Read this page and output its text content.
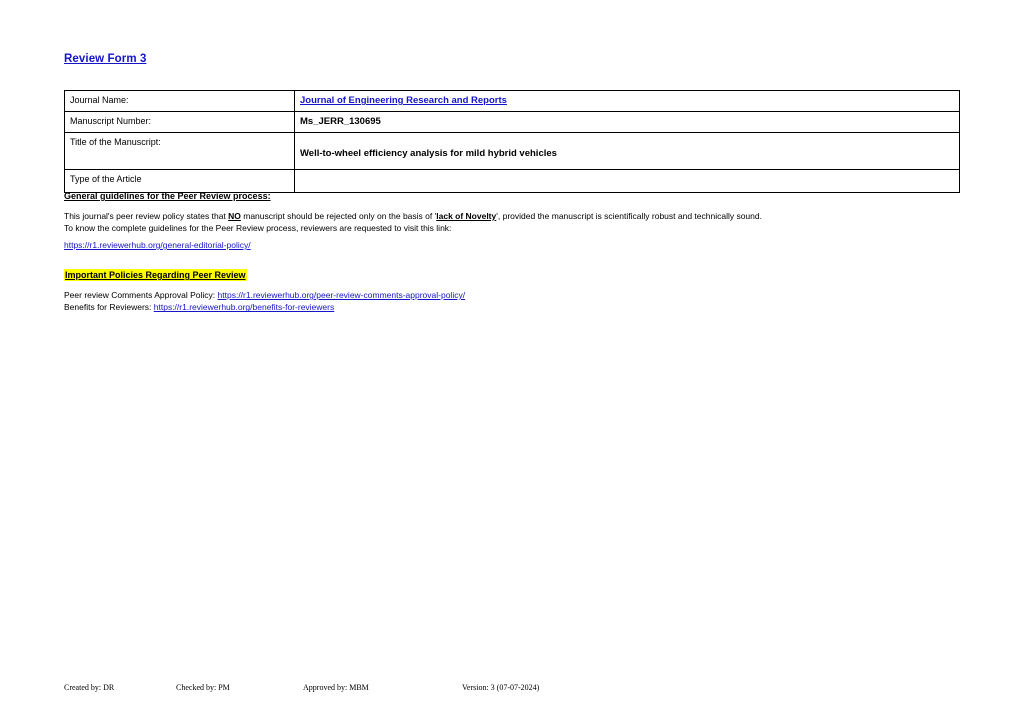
Review Form 3
Journal Name:	Journal of Engineering Research and Reports
Manuscript Number:	Ms_JERR_130695
Title of the Manuscript:	Well-to-wheel efficiency analysis for mild hybrid vehicles

Type of the Article	
General guidelines for the Peer Review process:
This journal's peer review policy states that NO manuscript should be rejected only on the basis of 'lack of Novelty', provided the manuscript is scientifically robust and technically sound.
To know the complete guidelines for the Peer Review process, reviewers are requested to visit this link:
https://r1.reviewerhub.org/general-editorial-policy/
Important Policies Regarding Peer Review
Peer review Comments Approval Policy: https://r1.reviewerhub.org/peer-review-comments-approval-policy/
Benefits for Reviewers: https://r1.reviewerhub.org/benefits-for-reviewers
Created by: DR	Checked by: PM	Approved by: MBM	Version: 3 (07-07-2024)
